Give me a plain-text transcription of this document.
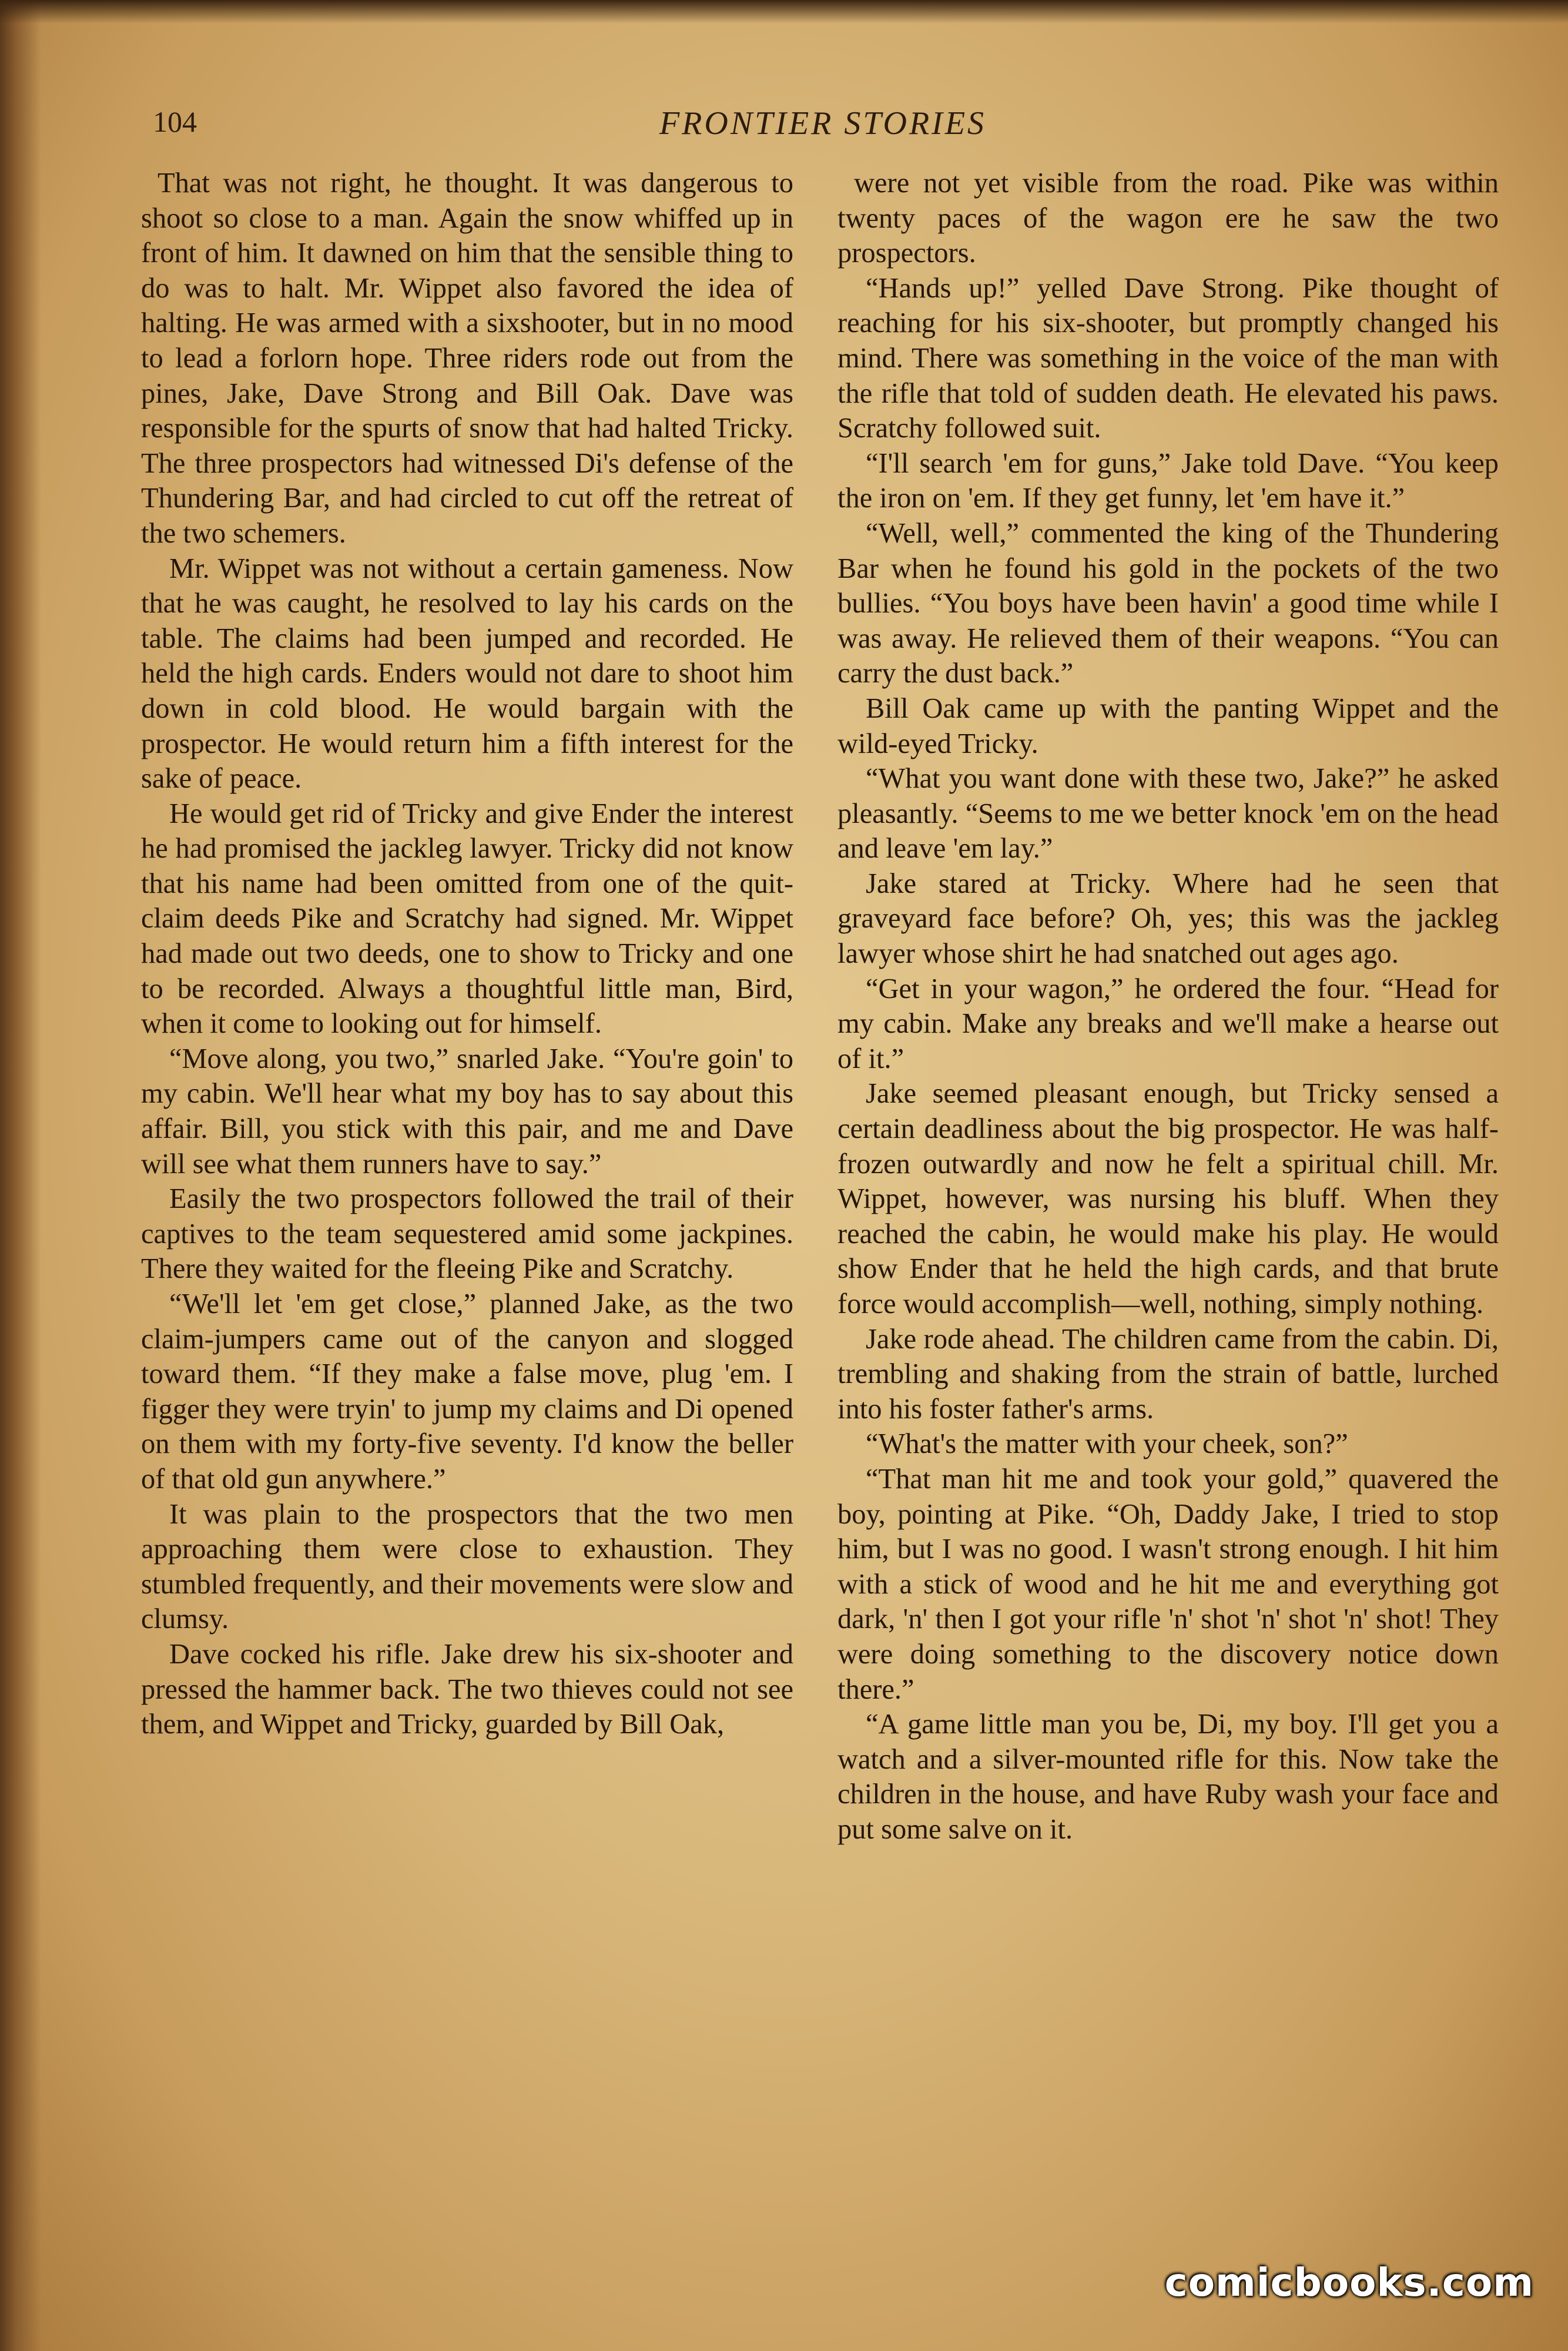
104	FRONTIER STORIES

That was not right, he thought. It was dangerous to shoot so close to a man. Again the snow whiffed up in front of him. It dawned on him that the sensible thing to do was to halt. Mr. Wippet also favored the idea of halting. He was armed with a sixshooter, but in no mood to lead a forlorn hope. Three riders rode out from the pines, Jake, Dave Strong and Bill Oak. Dave was responsible for the spurts of snow that had halted Tricky. The three prospectors had witnessed Di's defense of the Thundering Bar, and had circled to cut off the retreat of the two schemers.

Mr. Wippet was not without a certain gameness. Now that he was caught, he resolved to lay his cards on the table. The claims had been jumped and recorded. He held the high cards. Enders would not dare to shoot him down in cold blood. He would bargain with the prospector. He would return him a fifth interest for the sake of peace.

He would get rid of Tricky and give Ender the interest he had promised the jackleg lawyer. Tricky did not know that his name had been omitted from one of the quit-claim deeds Pike and Scratchy had signed. Mr. Wippet had made out two deeds, one to show to Tricky and one to be recorded. Always a thoughtful little man, Bird, when it come to looking out for himself.

“Move along, you two,” snarled Jake. “You're goin' to my cabin. We'll hear what my boy has to say about this affair. Bill, you stick with this pair, and me and Dave will see what them runners have to say.”

Easily the two prospectors followed the trail of their captives to the team sequestered amid some jackpines. There they waited for the fleeing Pike and Scratchy.

“We'll let 'em get close,” planned Jake, as the two claim-jumpers came out of the canyon and slogged toward them. “If they make a false move, plug 'em. I figger they were tryin' to jump my claims and Di opened on them with my forty-five seventy. I'd know the beller of that old gun anywhere.”

It was plain to the prospectors that the two men approaching them were close to exhaustion. They stumbled frequently, and their movements were slow and clumsy.

Dave cocked his rifle. Jake drew his six-shooter and pressed the hammer back. The two thieves could not see them, and Wippet and Tricky, guarded by Bill Oak,

were not yet visible from the road. Pike was within twenty paces of the wagon ere he saw the two prospectors.

“Hands up!” yelled Dave Strong. Pike thought of reaching for his six-shooter, but promptly changed his mind. There was something in the voice of the man with the rifle that told of sudden death. He elevated his paws. Scratchy followed suit.

“I'll search 'em for guns,” Jake told Dave. “You keep the iron on 'em. If they get funny, let 'em have it.”

“Well, well,” commented the king of the Thundering Bar when he found his gold in the pockets of the two bullies. “You boys have been havin' a good time while I was away. He relieved them of their weapons. “You can carry the dust back.”

Bill Oak came up with the panting Wippet and the wild-eyed Tricky.

“What you want done with these two, Jake?” he asked pleasantly. “Seems to me we better knock 'em on the head and leave 'em lay.”

Jake stared at Tricky. Where had he seen that graveyard face before? Oh, yes; this was the jackleg lawyer whose shirt he had snatched out ages ago.

“Get in your wagon,” he ordered the four. “Head for my cabin. Make any breaks and we'll make a hearse out of it.”

Jake seemed pleasant enough, but Tricky sensed a certain deadliness about the big prospector. He was half-frozen outwardly and now he felt a spiritual chill. Mr. Wippet, however, was nursing his bluff. When they reached the cabin, he would make his play. He would show Ender that he held the high cards, and that brute force would accomplish—well, nothing, simply nothing.

Jake rode ahead. The children came from the cabin. Di, trembling and shaking from the strain of battle, lurched into his foster father's arms.

“What's the matter with your cheek, son?”

“That man hit me and took your gold,” quavered the boy, pointing at Pike. “Oh, Daddy Jake, I tried to stop him, but I was no good. I wasn't strong enough. I hit him with a stick of wood and he hit me and everything got dark, 'n' then I got your rifle 'n' shot 'n' shot 'n' shot! They were doing something to the discovery notice down there.”

“A game little man you be, Di, my boy. I'll get you a watch and a silver-mounted rifle for this. Now take the children in the house, and have Ruby wash your face and put some salve on it.

comicbooks.com
